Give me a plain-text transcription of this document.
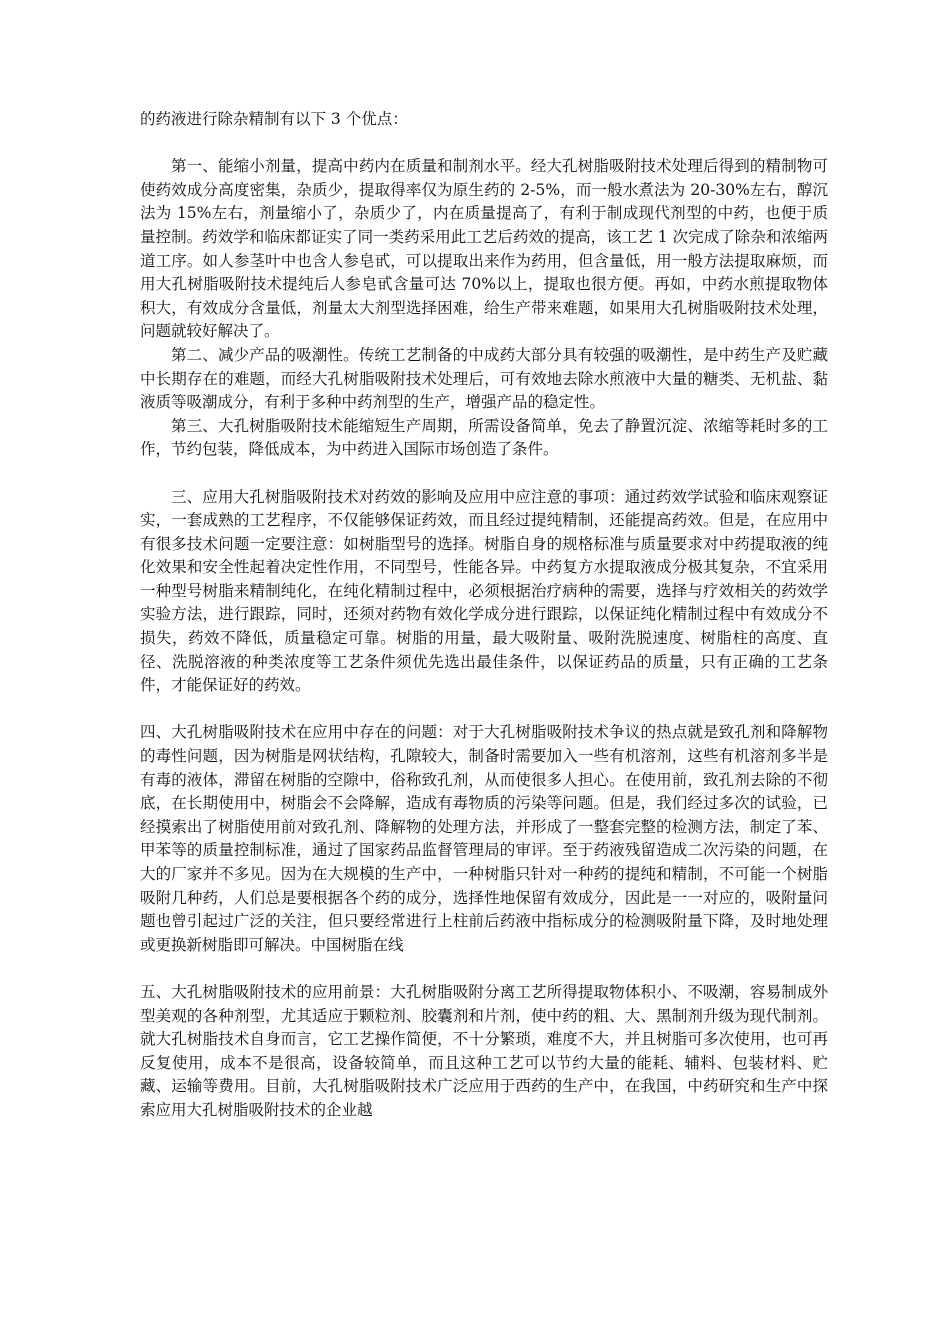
的药液进行除杂精制有以下 3 个优点：

第一、能缩小剂量，提高中药内在质量和制剂水平。经大孔树脂吸附技术处理后得到的精制物可使药效成分高度密集，杂质少，提取得率仅为原生药的 2-5%，而一般水煮法为 20-30%左右，醇沉法为 15%左右，剂量缩小了，杂质少了，内在质量提高了，有利于制成现代剂型的中药，也便于质量控制。药效学和临床都证实了同一类药采用此工艺后药效的提高，该工艺 1 次完成了除杂和浓缩两道工序。如人参茎叶中也含人参皂甙，可以提取出来作为药用，但含量低，用一般方法提取麻烦，而用大孔树脂吸附技术提纯后人参皂甙含量可达 70%以上，提取也很方便。再如，中药水煎提取物体积大，有效成分含量低，剂量太大剂型选择困难，给生产带来难题，如果用大孔树脂吸附技术处理，问题就较好解决了。

第二、减少产品的吸潮性。传统工艺制备的中成药大部分具有较强的吸潮性，是中药生产及贮藏中长期存在的难题，而经大孔树脂吸附技术处理后，可有效地去除水煎液中大量的糖类、无机盐、黏液质等吸潮成分，有利于多种中药剂型的生产，增强产品的稳定性。

第三、大孔树脂吸附技术能缩短生产周期，所需设备简单，免去了静置沉淀、浓缩等耗时多的工作，节约包装，降低成本，为中药进入国际市场创造了条件。

三、应用大孔树脂吸附技术对药效的影响及应用中应注意的事项：通过药效学试验和临床观察证实，一套成熟的工艺程序，不仅能够保证药效，而且经过提纯精制，还能提高药效。但是，在应用中有很多技术问题一定要注意：如树脂型号的选择。树脂自身的规格标准与质量要求对中药提取液的纯化效果和安全性起着决定性作用，不同型号，性能各异。中药复方水提取液成分极其复杂，不宜采用一种型号树脂来精制纯化，在纯化精制过程中，必须根据治疗病种的需要，选择与疗效相关的药效学实验方法，进行跟踪，同时，还须对药物有效化学成分进行跟踪，以保证纯化精制过程中有效成分不损失，药效不降低，质量稳定可靠。树脂的用量，最大吸附量、吸附洗脱速度、树脂柱的高度、直径、洗脱溶液的种类浓度等工艺条件须优先选出最佳条件，以保证药品的质量，只有正确的工艺条件，才能保证好的药效。

四、大孔树脂吸附技术在应用中存在的问题：对于大孔树脂吸附技术争议的热点就是致孔剂和降解物的毒性问题，因为树脂是网状结构，孔隙较大，制备时需要加入一些有机溶剂，这些有机溶剂多半是有毒的液体，滞留在树脂的空隙中，俗称致孔剂，从而使很多人担心。在使用前，致孔剂去除的不彻底，在长期使用中，树脂会不会降解，造成有毒物质的污染等问题。但是，我们经过多次的试验，已经摸索出了树脂使用前对致孔剂、降解物的处理方法，并形成了一整套完整的检测方法，制定了苯、甲苯等的质量控制标准，通过了国家药品监督管理局的审评。至于药液残留造成二次污染的问题，在大的厂家并不多见。因为在大规模的生产中，一种树脂只针对一种药的提纯和精制，不可能一个树脂吸附几种药，人们总是要根据各个药的成分，选择性地保留有效成分，因此是一一对应的，吸附量问题也曾引起过广泛的关注，但只要经常进行上柱前后药液中指标成分的检测吸附量下降，及时地处理或更换新树脂即可解决。中国树脂在线

五、大孔树脂吸附技术的应用前景：大孔树脂吸附分离工艺所得提取物体积小、不吸潮，容易制成外型美观的各种剂型，尤其适应于颗粒剂、胶囊剂和片剂，使中药的粗、大、黑制剂升级为现代制剂。就大孔树脂技术自身而言，它工艺操作简便，不十分繁琐，难度不大，并且树脂可多次使用，也可再反复使用，成本不是很高，设备较简单，而且这种工艺可以节约大量的能耗、辅料、包装材料、贮藏、运输等费用。目前，大孔树脂吸附技术广泛应用于西药的生产中，在我国，中药研究和生产中探索应用大孔树脂吸附技术的企业越
